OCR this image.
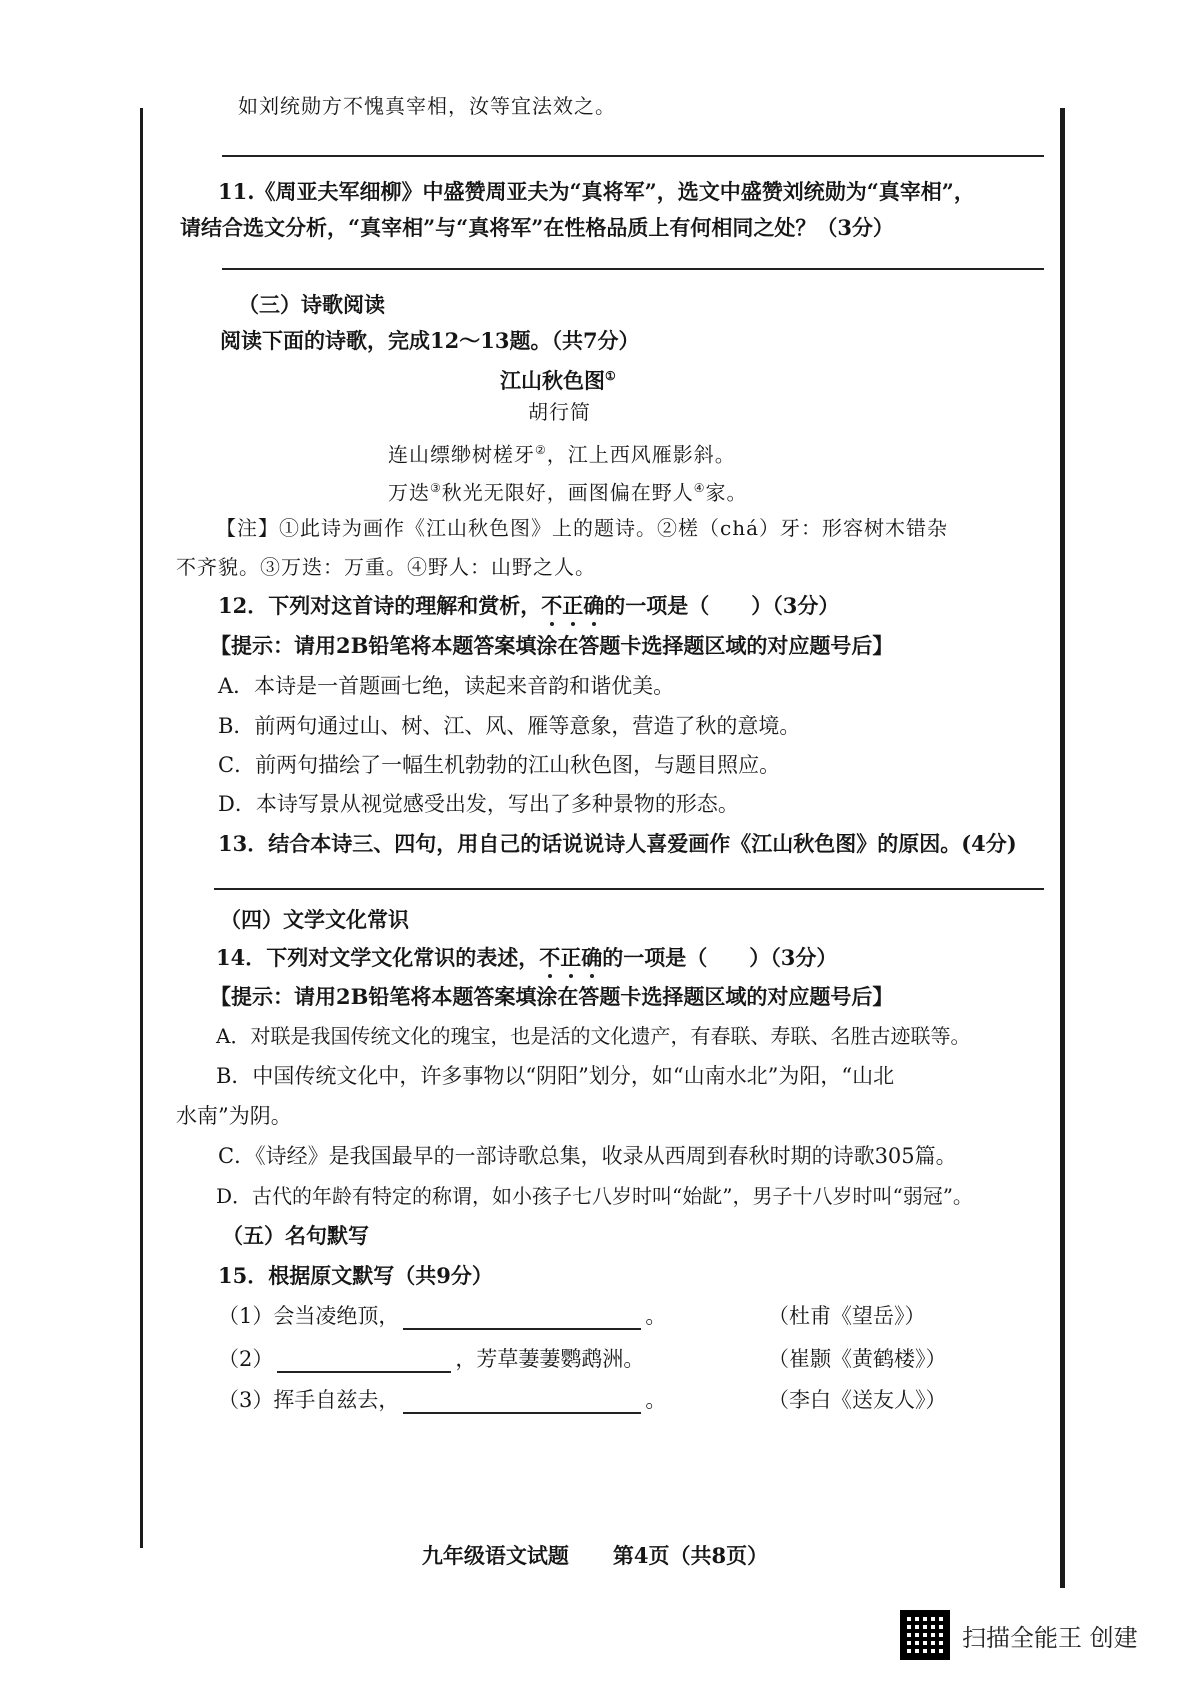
如刘统勋方不愧真宰相，汝等宜法效之。
11.《周亚夫军细柳》中盛赞周亚夫为“真将军”，选文中盛赞刘统勋为“真宰相”，
请结合选文分析，“真宰相”与“真将军”在性格品质上有何相同之处？（3分）
（三）诗歌阅读
阅读下面的诗歌，完成12～13题。（共7分）
江山秋色图①
胡行简
连山缥缈树槎牙②，江上西风雁影斜。
万迭③秋光无限好，画图偏在野人④家。
【注】①此诗为画作《江山秋色图》上的题诗。②槎（chá）牙：形容树木错杂
不齐貌。③万迭：万重。④野人：山野之人。
12．下列对这首诗的理解和赏析，不正确的一项是（　　）（3分）
【提示：请用2B铅笔将本题答案填涂在答题卡选择题区域的对应题号后】
A．本诗是一首题画七绝，读起来音韵和谐优美。
B．前两句通过山、树、江、风、雁等意象，营造了秋的意境。
C．前两句描绘了一幅生机勃勃的江山秋色图，与题目照应。
D．本诗写景从视觉感受出发，写出了多种景物的形态。
13．结合本诗三、四句，用自己的话说说诗人喜爱画作《江山秋色图》的原因。(4分)
（四）文学文化常识
14．下列对文学文化常识的表述，不正确的一项是（　　）（3分）
【提示：请用2B铅笔将本题答案填涂在答题卡选择题区域的对应题号后】
A．对联是我国传统文化的瑰宝，也是活的文化遗产，有春联、寿联、名胜古迹联等。
B．中国传统文化中，许多事物以“阴阳”划分，如“山南水北”为阳，“山北
水南”为阴。
C．《诗经》是我国最早的一部诗歌总集，收录从西周到春秋时期的诗歌305篇。
D．古代的年龄有特定的称谓，如小孩子七八岁时叫“始龀”，男子十八岁时叫“弱冠”。
（五）名句默写
15．根据原文默写（共9分）
（1）会当凌绝顶，	。	（杜甫《望岳》）
（2）	，芳草萋萋鹦鹉洲。	（崔颢《黄鹤楼》）
（3）挥手自兹去，	。	（李白《送友人》）
九年级语文试题 第4页（共8页）
扫描全能王 创建
